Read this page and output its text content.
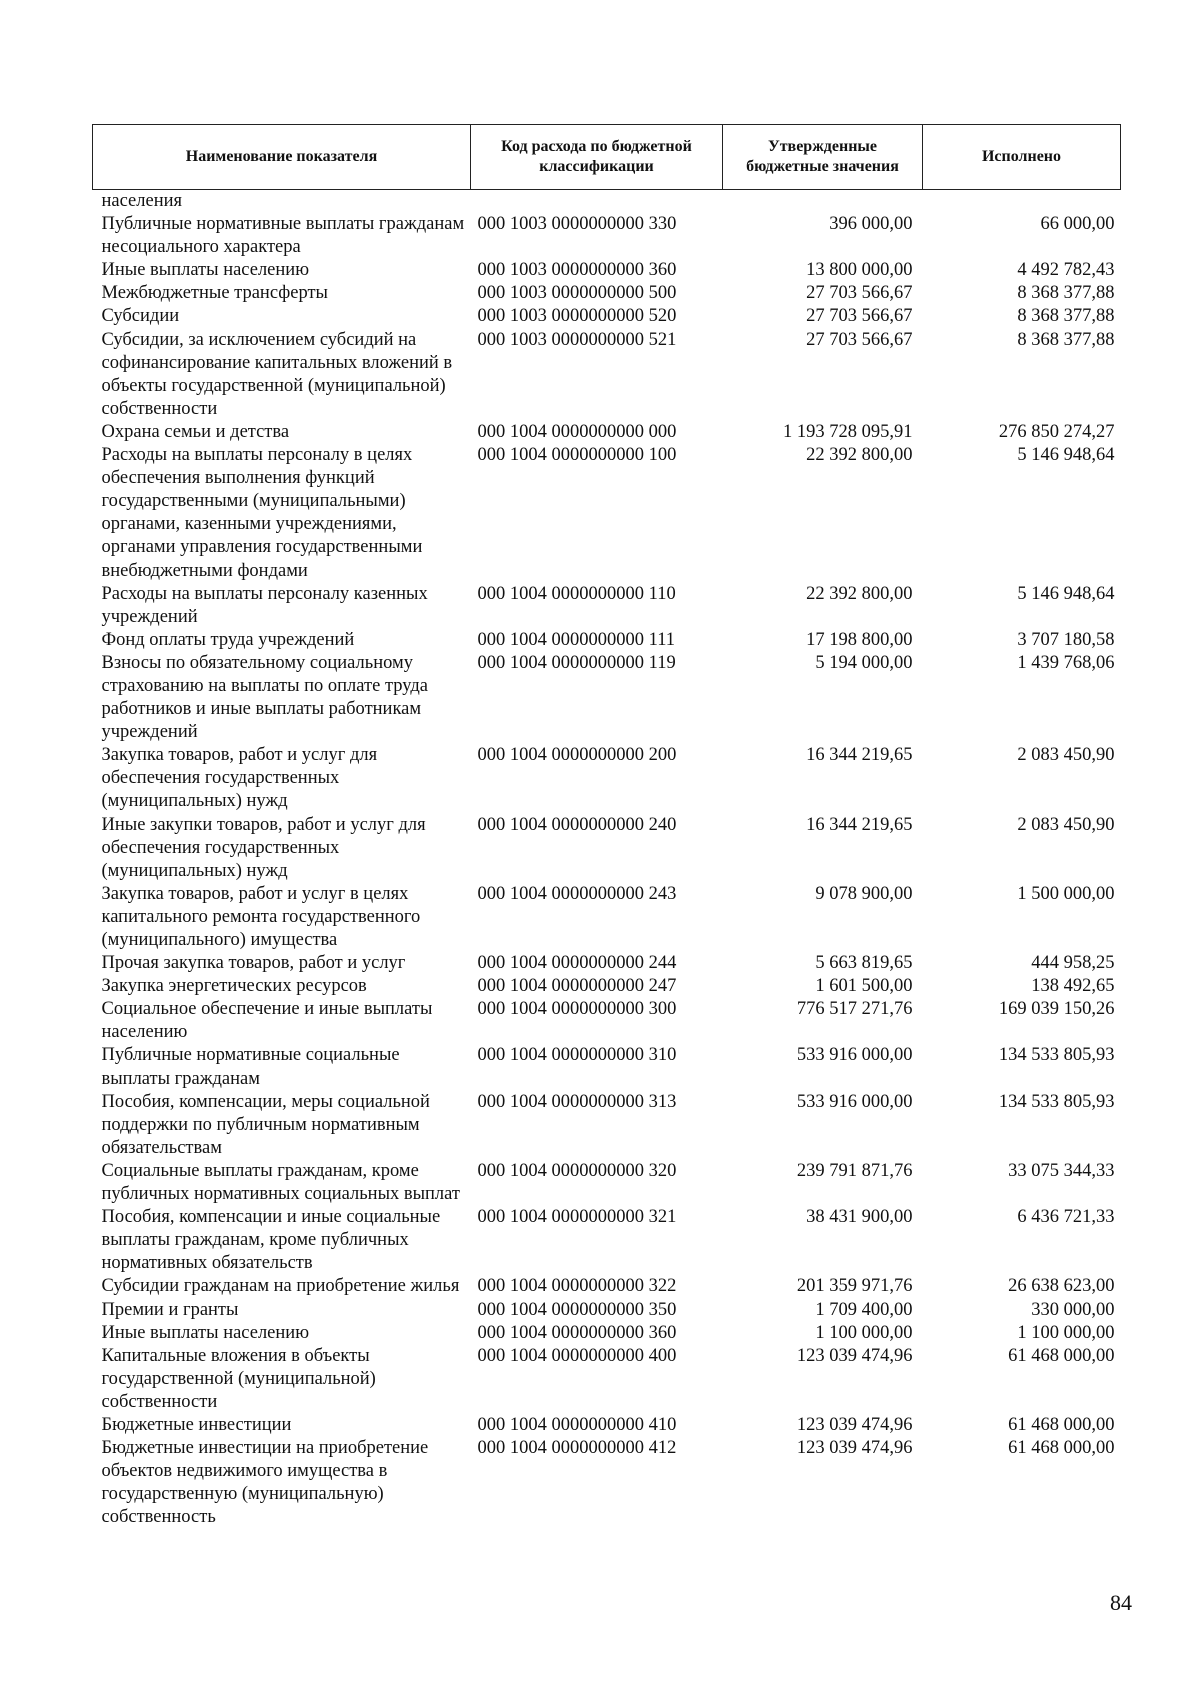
Наименование показателя	Код расхода по бюджетной классификации	Утвержденные бюджетные значения	Исполнено
населения			
Публичные нормативные выплаты гражданам несоциального характера	000 1003 0000000000 330	396 000,00	66 000,00
Иные выплаты населению	000 1003 0000000000 360	13 800 000,00	4 492 782,43
Межбюджетные трансферты	000 1003 0000000000 500	27 703 566,67	8 368 377,88
Субсидии	000 1003 0000000000 520	27 703 566,67	8 368 377,88
Субсидии, за исключением субсидий на софинансирование капитальных вложений в объекты государственной (муниципальной) собственности	000 1003 0000000000 521	27 703 566,67	8 368 377,88
Охрана семьи и детства	000 1004 0000000000 000	1 193 728 095,91	276 850 274,27
Расходы на выплаты персоналу в целях обеспечения выполнения функций государственными (муниципальными) органами, казенными учреждениями, органами управления государственными внебюджетными фондами	000 1004 0000000000 100	22 392 800,00	5 146 948,64
Расходы на выплаты персоналу казенных учреждений	000 1004 0000000000 110	22 392 800,00	5 146 948,64
Фонд оплаты труда учреждений	000 1004 0000000000 111	17 198 800,00	3 707 180,58
Взносы по обязательному социальному страхованию на выплаты по оплате труда работников и иные выплаты работникам учреждений	000 1004 0000000000 119	5 194 000,00	1 439 768,06
Закупка товаров, работ и услуг для обеспечения государственных (муниципальных) нужд	000 1004 0000000000 200	16 344 219,65	2 083 450,90
Иные закупки товаров, работ и услуг для обеспечения государственных (муниципальных) нужд	000 1004 0000000000 240	16 344 219,65	2 083 450,90
Закупка товаров, работ и услуг в целях капитального ремонта государственного (муниципального) имущества	000 1004 0000000000 243	9 078 900,00	1 500 000,00
Прочая закупка товаров, работ и услуг	000 1004 0000000000 244	5 663 819,65	444 958,25
Закупка энергетических ресурсов	000 1004 0000000000 247	1 601 500,00	138 492,65
Социальное обеспечение и иные выплаты населению	000 1004 0000000000 300	776 517 271,76	169 039 150,26
Публичные нормативные социальные выплаты гражданам	000 1004 0000000000 310	533 916 000,00	134 533 805,93
Пособия, компенсации, меры социальной поддержки по публичным нормативным обязательствам	000 1004 0000000000 313	533 916 000,00	134 533 805,93
Социальные выплаты гражданам, кроме публичных нормативных социальных выплат	000 1004 0000000000 320	239 791 871,76	33 075 344,33
Пособия, компенсации и иные социальные выплаты гражданам, кроме публичных нормативных обязательств	000 1004 0000000000 321	38 431 900,00	6 436 721,33
Субсидии гражданам на приобретение жилья	000 1004 0000000000 322	201 359 971,76	26 638 623,00
Премии и гранты	000 1004 0000000000 350	1 709 400,00	330 000,00
Иные выплаты населению	000 1004 0000000000 360	1 100 000,00	1 100 000,00
Капитальные вложения в объекты государственной (муниципальной) собственности	000 1004 0000000000 400	123 039 474,96	61 468 000,00
Бюджетные инвестиции	000 1004 0000000000 410	123 039 474,96	61 468 000,00
Бюджетные инвестиции на приобретение объектов недвижимого имущества в государственную (муниципальную) собственность	000 1004 0000000000 412	123 039 474,96	61 468 000,00
84
